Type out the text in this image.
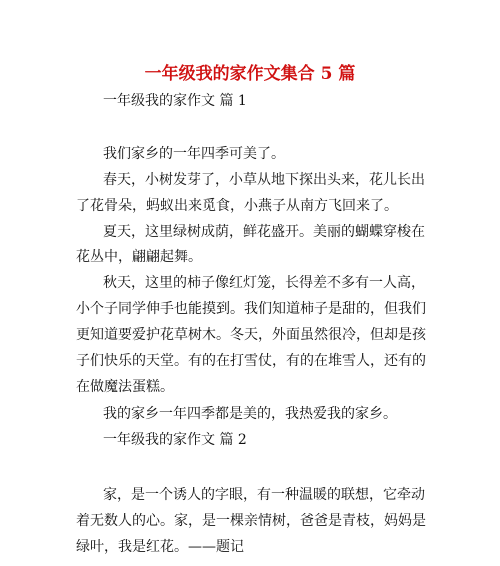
一年级我的家作文集合 5 篇
一年级我的家作文 篇 1
我们家乡的一年四季可美了。
春天，小树发芽了，小草从地下探出头来，花儿长出
了花骨朵，蚂蚁出来觅食，小燕子从南方飞回来了。
夏天，这里绿树成荫，鲜花盛开。美丽的蝴蝶穿梭在
花丛中，翩翩起舞。
秋天，这里的柿子像红灯笼，长得差不多有一人高，
小个子同学伸手也能摸到。我们知道柿子是甜的，但我们
更知道要爱护花草树木。冬天，外面虽然很冷，但却是孩
子们快乐的天堂。有的在打雪仗，有的在堆雪人，还有的
在做魔法蛋糕。
我的家乡一年四季都是美的，我热爱我的家乡。
一年级我的家作文 篇 2
家，是一个诱人的字眼，有一种温暖的联想，它牵动
着无数人的心。家，是一棵亲情树，爸爸是青枝，妈妈是
绿叶，我是红花。——题记
